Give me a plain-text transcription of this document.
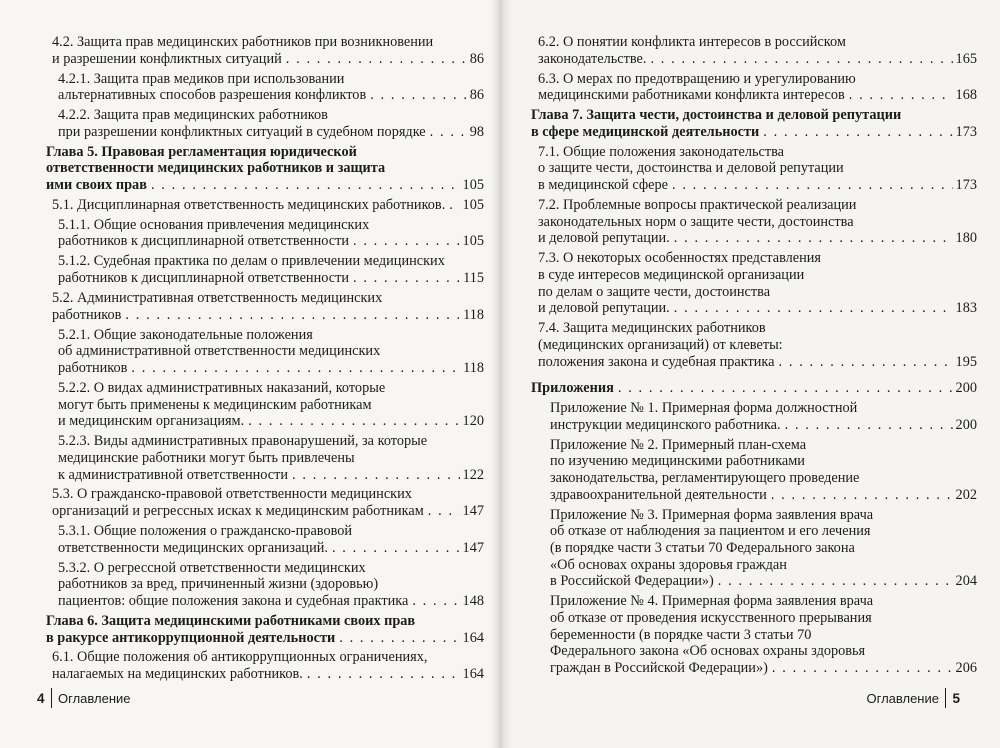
4.2. Защита прав медицинских работников при возникновении
и разрешении конфликтных ситуаций . . .	86
4.2.1. Защита прав медиков при использовании
альтернативных способов разрешения конфликтов . . .	86
4.2.2. Защита прав медицинских работников
при разрешении конфликтных ситуаций в судебном порядке . . .	98
Глава 5. Правовая регламентация юридической
ответственности медицинских работников и защита
ими своих прав . . .	105
5.1. Дисциплинарная ответственность медицинских работников. . . . 105
5.1.1. Общие основания привлечения медицинских
работников к дисциплинарной ответственности . . .	105
5.1.2. Судебная практика по делам о привлечении медицинских
работников к дисциплинарной ответственности . . .	115
5.2. Административная ответственность медицинских
работников . . .	118
5.2.1. Общие законодательные положения
об административной ответственности медицинских
работников . . .	118
5.2.2. О видах административных наказаний, которые
могут быть применены к медицинским работникам
и медицинским организациям. . . .	120
5.2.3. Виды административных правонарушений, за которые
медицинские работники могут быть привлечены
к административной ответственности . . .	122
5.3. О гражданско-правовой ответственности медицинских
организаций и регрессных исках к медицинским работникам . . .	147
5.3.1. Общие положения о гражданско-правовой
ответственности медицинских организаций. . . .	147
5.3.2. О регрессной ответственности медицинских
работников за вред, причиненный жизни (здоровью)
пациентов: общие положения закона и судебная практика . . .	148
Глава 6. Защита медицинскими работниками своих прав
в ракурсе антикоррупционной деятельности . . .	164
6.1. Общие положения об антикоррупционных ограничениях,
налагаемых на медицинских работников. . . .	164
4 Оглавление
6.2. О понятии конфликта интересов в российском
законодательстве. . . .	165
6.3. О мерах по предотвращению и урегулированию
медицинскими работниками конфликта интересов . . .	168
Глава 7. Защита чести, достоинства и деловой репутации
в сфере медицинской деятельности . . .	173
7.1. Общие положения законодательства
о защите чести, достоинства и деловой репутации
в медицинской сфере . . .	173
7.2. Проблемные вопросы практической реализации
законодательных норм о защите чести, достоинства
и деловой репутации. . . .	180
7.3. О некоторых особенностях представления
в суде интересов медицинской организации
по делам о защите чести, достоинства
и деловой репутации. . . .	183
7.4. Защита медицинских работников
(медицинских организаций) от клеветы:
положения закона и судебная практика . . .	195
Приложения . . .	200
Приложение № 1. Примерная форма должностной
инструкции медицинского работника. . . .	200
Приложение № 2. Примерный план-схема
по изучению медицинскими работниками
законодательства, регламентирующего проведение
здравоохранительной деятельности . . .	202
Приложение № 3. Примерная форма заявления врача
об отказе от наблюдения за пациентом и его лечения
(в порядке части 3 статьи 70 Федерального закона
«Об основах охраны здоровья граждан
в Российской Федерации») . . .	204
Приложение № 4. Примерная форма заявления врача
об отказе от проведения искусственного прерывания
беременности (в порядке части 3 статьи 70
Федерального закона «Об основах охраны здоровья
граждан в Российской Федерации») . . .	206
Оглавление 5
